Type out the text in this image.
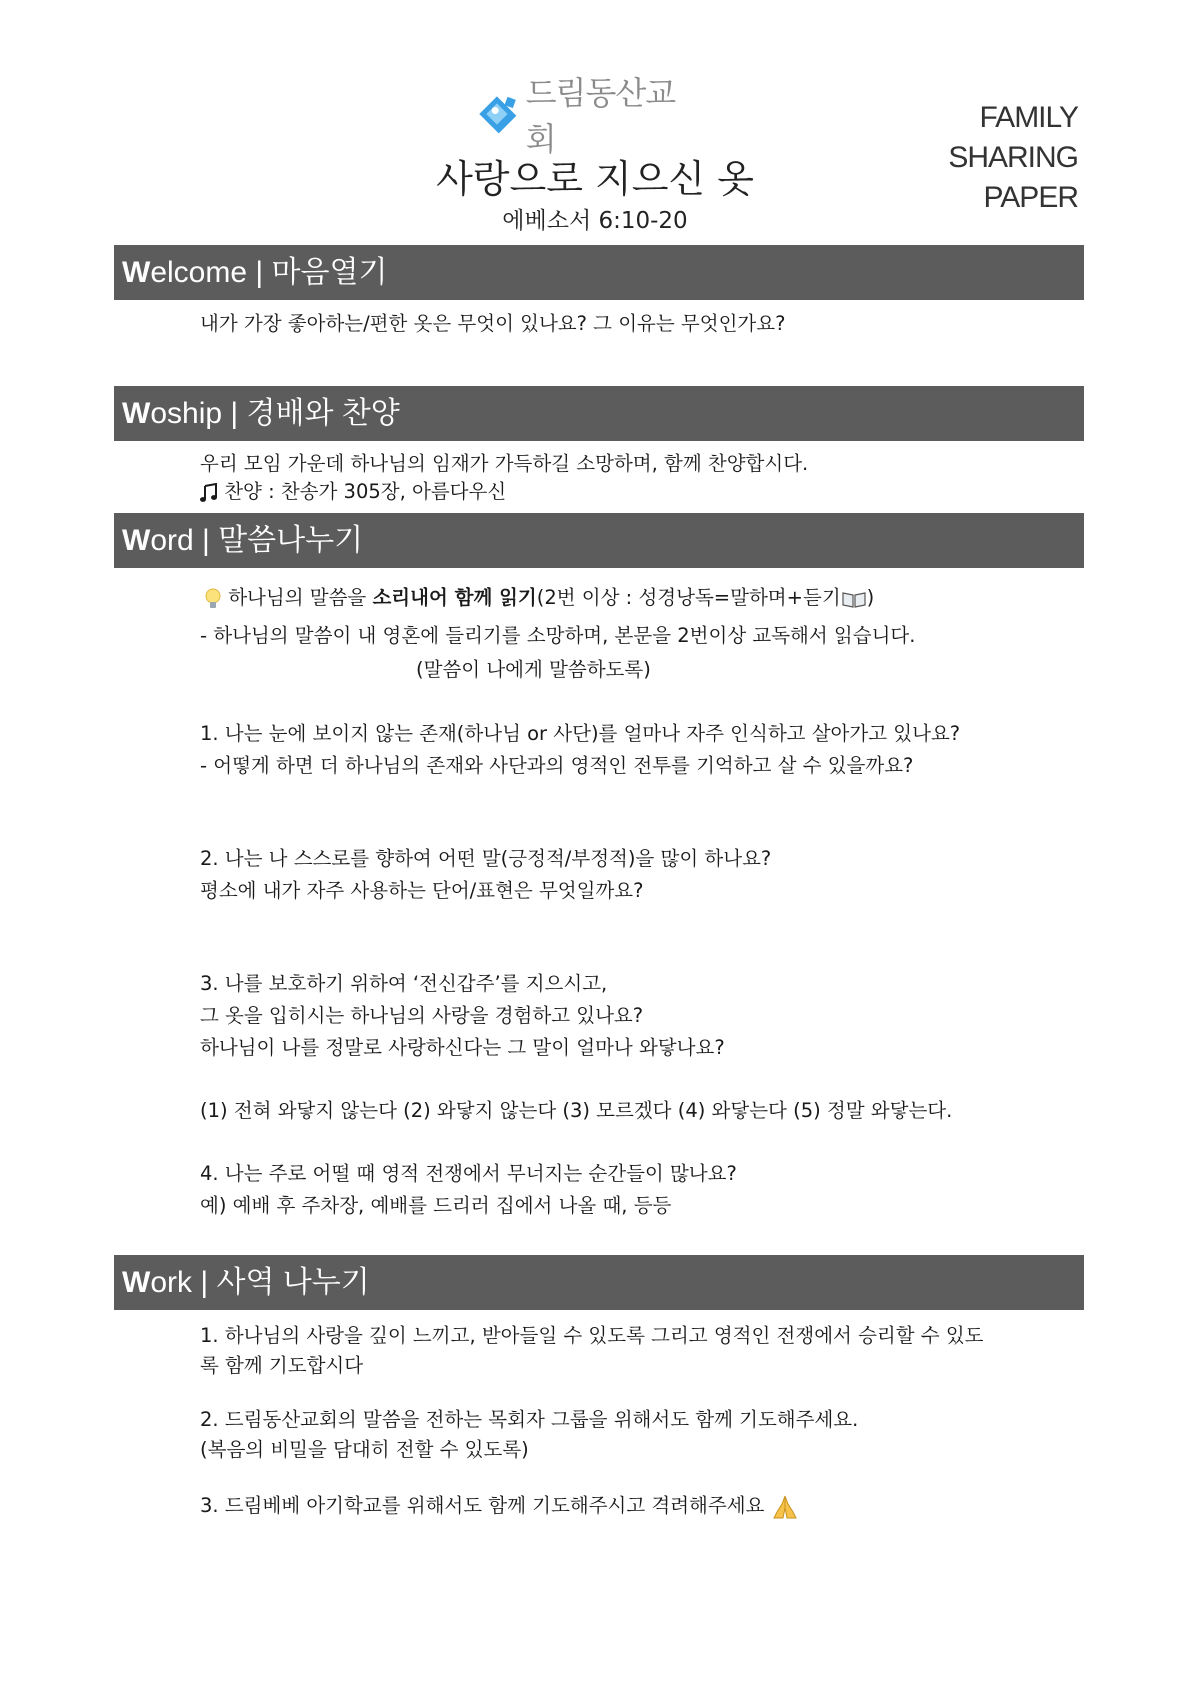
드림동산교회
사랑으로 지으신 옷
에베소서 6:10-20
FAMILY
SHARING
PAPER
Welcome | 마음열기
내가 가장 좋아하는/편한 옷은 무엇이 있나요? 그 이유는 무엇인가요?
Woship | 경배와 찬양
우리 모임 가운데 하나님의 임재가 가득하길 소망하며, 함께 찬양합시다.
찬양 : 찬송가 305장, 아름다우신
Word | 말씀나누기
하나님의 말씀을 소리내어 함께 읽기(2번 이상 : 성경낭독=말하며+듣기 )
- 하나님의 말씀이 내 영혼에 들리기를 소망하며, 본문을 2번이상 교독해서 읽습니다.
(말씀이 나에게 말씀하도록)
1. 나는 눈에 보이지 않는 존재(하나님 or 사단)를 얼마나 자주 인식하고 살아가고 있나요?
- 어떻게 하면 더 하나님의 존재와 사단과의 영적인 전투를 기억하고 살 수 있을까요?
2. 나는 나 스스로를 향하여 어떤 말(긍정적/부정적)을 많이 하나요?
평소에 내가 자주 사용하는 단어/표현은 무엇일까요?
3. 나를 보호하기 위하여 ‘전신갑주’를 지으시고,
그 옷을 입히시는 하나님의 사랑을 경험하고 있나요?
하나님이 나를 정말로 사랑하신다는 그 말이 얼마나 와닿나요?
(1) 전혀 와닿지 않는다 (2) 와닿지 않는다 (3) 모르겠다 (4) 와닿는다 (5) 정말 와닿는다.
4. 나는 주로 어떨 때 영적 전쟁에서 무너지는 순간들이 많나요?
예) 예배 후 주차장, 예배를 드리러 집에서 나올 때, 등등
Work | 사역 나누기
1. 하나님의 사랑을 깊이 느끼고, 받아들일 수 있도록 그리고 영적인 전쟁에서 승리할 수 있도
록 함께 기도합시다
2. 드림동산교회의 말씀을 전하는 목회자 그룹을 위해서도 함께 기도해주세요.
(복음의 비밀을 담대히 전할 수 있도록)
3. 드림베베 아기학교를 위해서도 함께 기도해주시고 격려해주세요
